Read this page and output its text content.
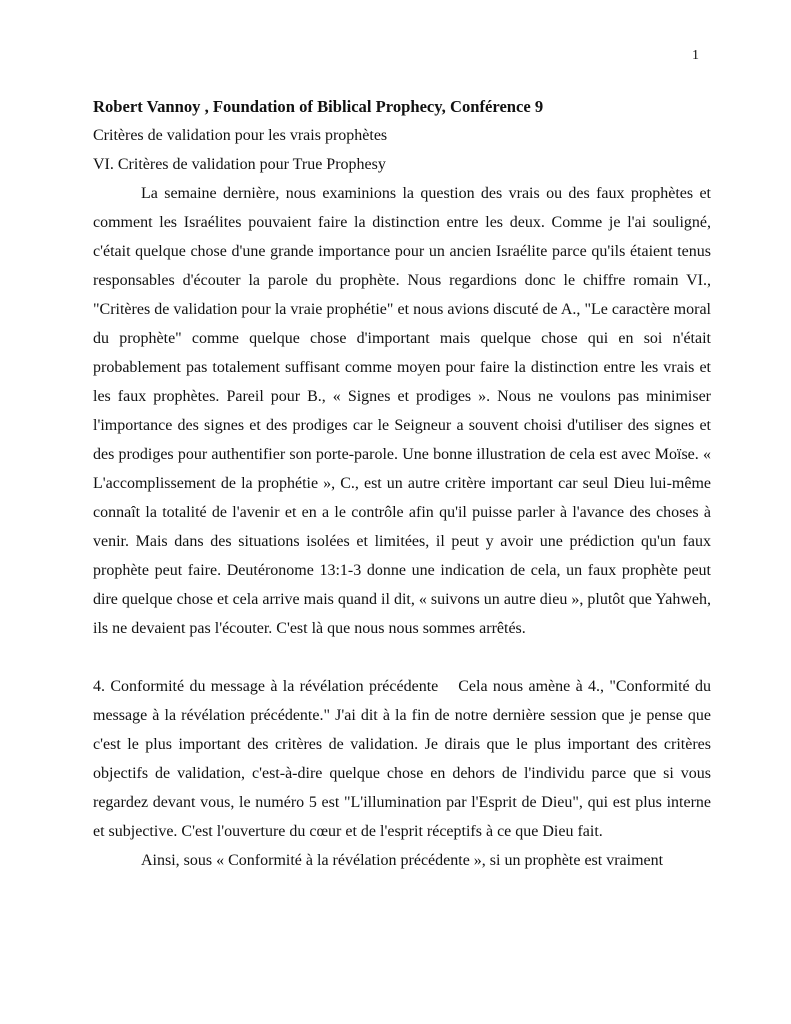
1

Robert Vannoy , Foundation of Biblical Prophecy, Conférence 9

Critères de validation pour les vrais prophètes

VI. Critères de validation pour True Prophesy

La semaine dernière, nous examinions la question des vrais ou des faux prophètes et comment les Israélites pouvaient faire la distinction entre les deux. Comme je l'ai souligné, c'était quelque chose d'une grande importance pour un ancien Israélite parce qu'ils étaient tenus responsables d'écouter la parole du prophète. Nous regardions donc le chiffre romain VI., "Critères de validation pour la vraie prophétie" et nous avions discuté de A., "Le caractère moral du prophète" comme quelque chose d'important mais quelque chose qui en soi n'était probablement pas totalement suffisant comme moyen pour faire la distinction entre les vrais et les faux prophètes. Pareil pour B., « Signes et prodiges ». Nous ne voulons pas minimiser l'importance des signes et des prodiges car le Seigneur a souvent choisi d'utiliser des signes et des prodiges pour authentifier son porte-parole. Une bonne illustration de cela est avec Moïse. « L'accomplissement de la prophétie », C., est un autre critère important car seul Dieu lui-même connaît la totalité de l'avenir et en a le contrôle afin qu'il puisse parler à l'avance des choses à venir. Mais dans des situations isolées et limitées, il peut y avoir une prédiction qu'un faux prophète peut faire. Deutéronome 13:1-3 donne une indication de cela, un faux prophète peut dire quelque chose et cela arrive mais quand il dit, « suivons un autre dieu », plutôt que Yahweh, ils ne devaient pas l'écouter. C'est là que nous nous sommes arrêtés.

4. Conformité du message à la révélation précédente Cela nous amène à 4., "Conformité du message à la révélation précédente." J'ai dit à la fin de notre dernière session que je pense que c'est le plus important des critères de validation. Je dirais que le plus important des critères objectifs de validation, c'est-à-dire quelque chose en dehors de l'individu parce que si vous regardez devant vous, le numéro 5 est "L'illumination par l'Esprit de Dieu", qui est plus interne et subjective. C'est l'ouverture du cœur et de l'esprit réceptifs à ce que Dieu fait.

Ainsi, sous « Conformité à la révélation précédente », si un prophète est vraiment
